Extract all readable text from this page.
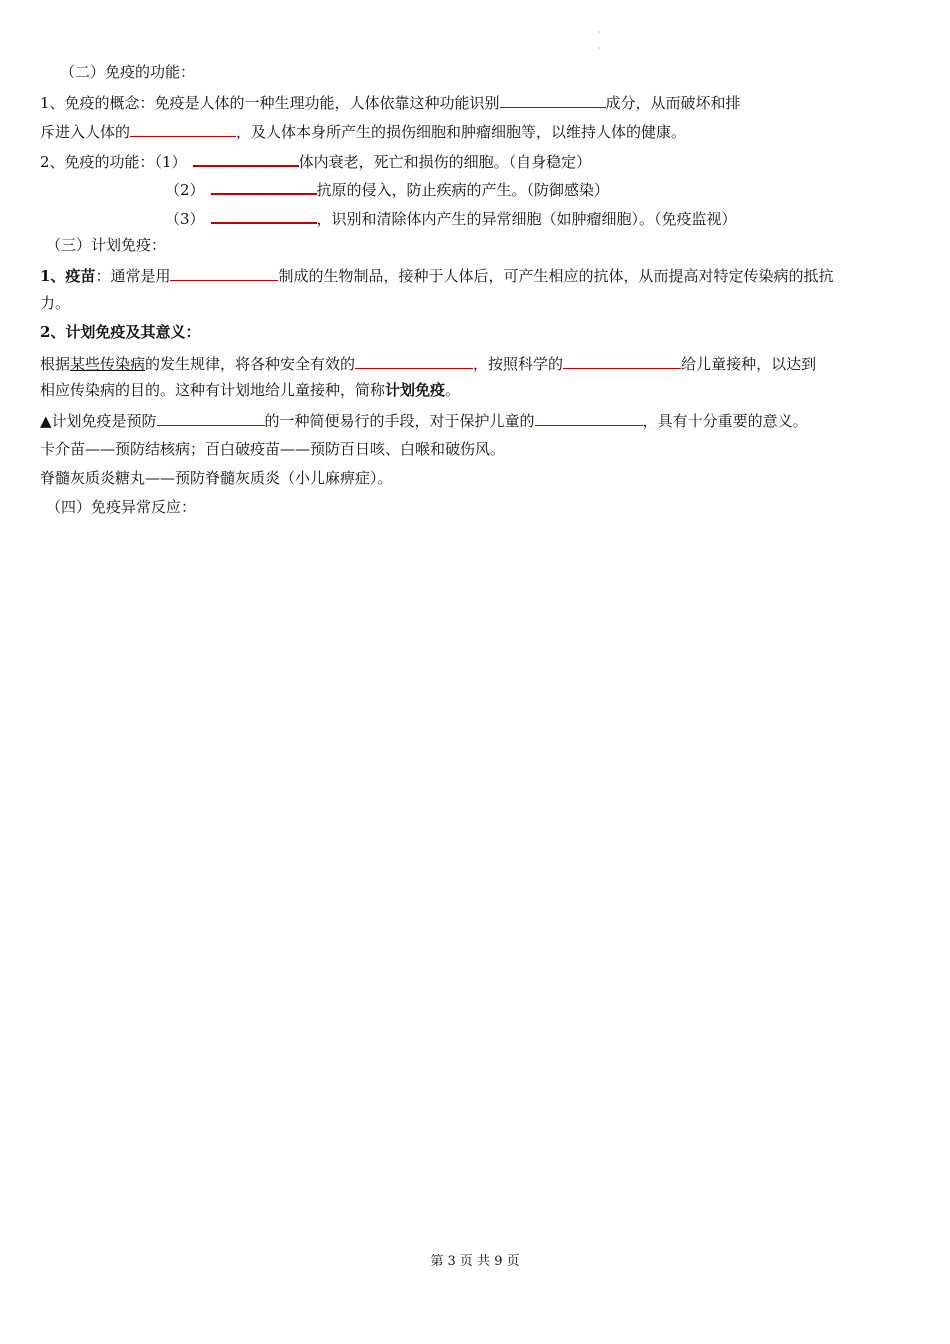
'
'
（二）免疫的功能：
1、免疫的概念：免疫是人体的一种生理功能，人体依靠这种功能识别	成分，从而破坏和排
斥进入人体的	，及人体本身所产生的损伤细胞和肿瘤细胞等，以维持人体的健康。
2、免疫的功能：（1）	体内衰老，死亡和损伤的细胞。（自身稳定）
（2）	抗原的侵入，防止疾病的产生。（防御感染）
（3）	，识别和清除体内产生的异常细胞（如肿瘤细胞）。（免疫监视）
（三）计划免疫：
1、疫苗：通常是用	制成的生物制品，接种于人体后，可产生相应的抗体，从而提高对特定传染病的抵抗
力。
2、计划免疫及其意义：
根据某些传染病的发生规律，将各种安全有效的	，按照科学的	给儿童接种，以达到
相应传染病的目的。这种有计划地给儿童接种，简称计划免疫。
▲计划免疫是预防	的一种简便易行的手段，对于保护儿童的	，具有十分重要的意义。
卡介苗——预防结核病；百白破疫苗——预防百日咳、白喉和破伤风。
脊髓灰质炎糖丸——预防脊髓灰质炎（小儿麻痹症）。
（四）免疫异常反应：
第 3 页 共 9 页
